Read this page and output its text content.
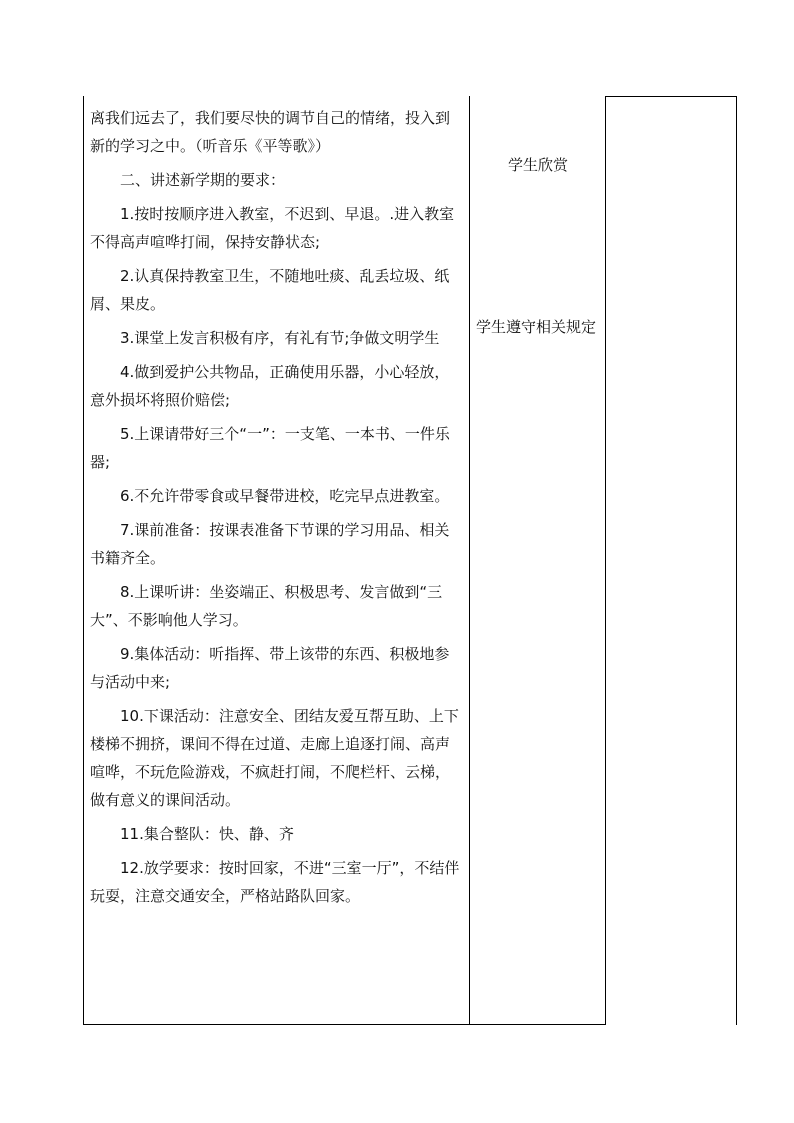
离我们远去了，我们要尽快的调节自己的情绪，投入到新的学习之中。（听音乐《平等歌》）

二、讲述新学期的要求：

1.按时按顺序进入教室，不迟到、早退。.进入教室不得高声喧哗打闹，保持安静状态;

2.认真保持教室卫生，不随地吐痰、乱丢垃圾、纸屑、果皮。

3.课堂上发言积极有序，有礼有节;争做文明学生

4.做到爱护公共物品，正确使用乐器，小心轻放，意外损坏将照价赔偿;

5.上课请带好三个“一”：一支笔、一本书、一件乐器;

6.不允许带零食或早餐带进校，吃完早点进教室。

7.课前准备：按课表准备下节课的学习用品、相关书籍齐全。

8.上课听讲：坐姿端正、积极思考、发言做到“三大”、不影响他人学习。

9.集体活动：听指挥、带上该带的东西、积极地参与活动中来;

10.下课活动：注意安全、团结友爱互帮互助、上下楼梯不拥挤，课间不得在过道、走廊上追逐打闹、高声喧哗，不玩危险游戏，不疯赶打闹，不爬栏杆、云梯，做有意义的课间活动。

11.集合整队：快、静、齐

12.放学要求：按时回家，不进“三室一厅”，不结伴玩耍，注意交通安全，严格站路队回家。

学生欣赏
学生遵守相关规定
